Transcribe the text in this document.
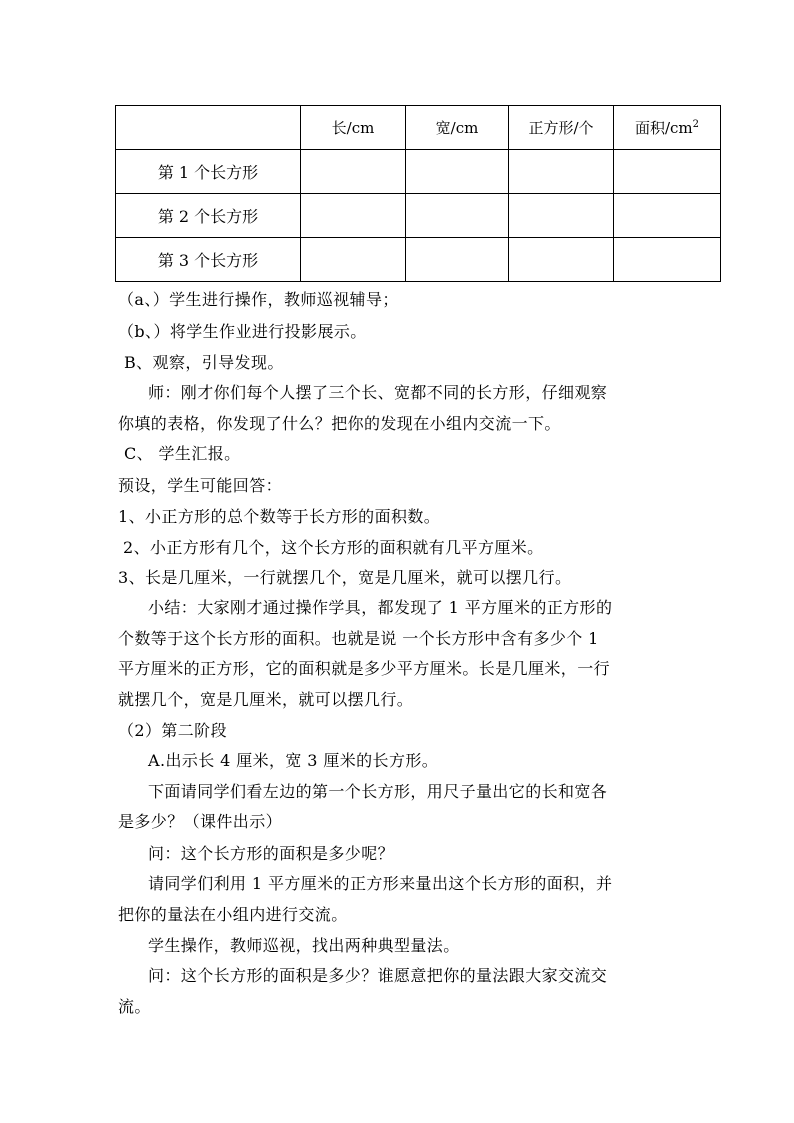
	长/cm	宽/cm	正方形/个	面积$/cm^2$
第 1 个长方形				
第 2 个长方形				
第 3 个长方形				
（a、）学生进行操作，教师巡视辅导；
（b、）将学生作业进行投影展示。
B、观察，引导发现。
师：刚才你们每个人摆了三个长、宽都不同的长方形，仔细观察
你填的表格，你发现了什么？把你的发现在小组内交流一下。
C、 学生汇报。
预设，学生可能回答：
1、小正方形的总个数等于长方形的面积数。
2、小正方形有几个，这个长方形的面积就有几平方厘米。
3、长是几厘米，一行就摆几个，宽是几厘米，就可以摆几行。
小结：大家刚才通过操作学具，都发现了 1 平方厘米的正方形的
个数等于这个长方形的面积。也就是说 一个长方形中含有多少个 1
平方厘米的正方形，它的面积就是多少平方厘米。长是几厘米，一行
就摆几个，宽是几厘米，就可以摆几行。
（2）第二阶段
A.出示长 4 厘米，宽 3 厘米的长方形。
下面请同学们看左边的第一个长方形，用尺子量出它的长和宽各
是多少？（课件出示）
问：这个长方形的面积是多少呢？
请同学们利用 1 平方厘米的正方形来量出这个长方形的面积，并
把你的量法在小组内进行交流。
学生操作，教师巡视，找出两种典型量法。
问：这个长方形的面积是多少？谁愿意把你的量法跟大家交流交
流。
